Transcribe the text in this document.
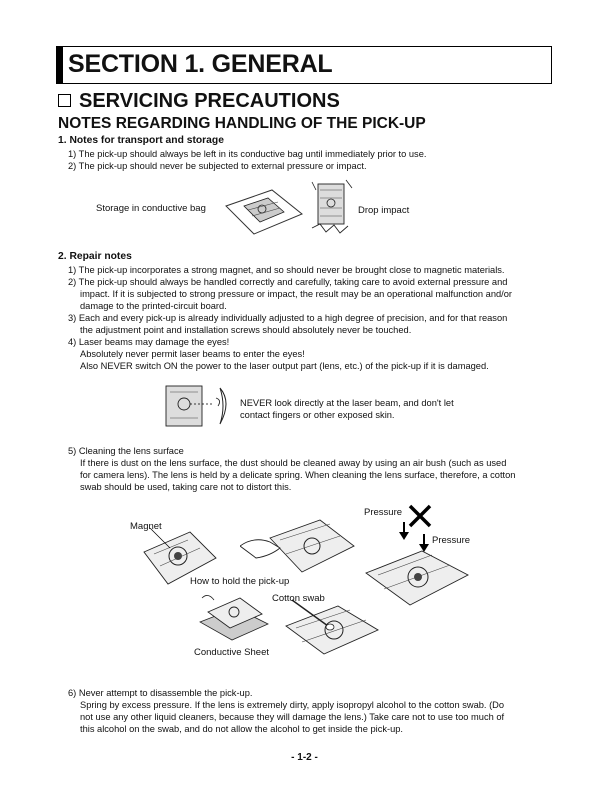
SECTION 1. GENERAL
SERVICING PRECAUTIONS
NOTES REGARDING HANDLING OF THE PICK-UP
1. Notes for transport and storage
1) The pick-up should always be left in its conductive bag until immediately prior to use.
2) The pick-up should never be subjected to external pressure or impact.
Storage in conductive bag	Drop impact
2. Repair notes
1) The pick-up incorporates a strong magnet, and so should never be brought close to magnetic materials.
2) The pick-up should always be handled correctly and carefully, taking care to avoid external pressure and
impact. If it is subjected to strong pressure or impact, the result may be an operational malfunction and/or
damage to the printed-circuit board.
3) Each and every pick-up is already individually adjusted to a high degree of precision, and for that reason
the adjustment point and installation screws should absolutely never be touched.
4) Laser beams may damage the eyes!
Absolutely never permit laser beams to enter the eyes!
Also NEVER switch ON the power to the laser output part (lens, etc.) of the pick-up if it is damaged.
NEVER look directly at the laser beam, and don't let
contact fingers or other exposed skin.
5) Cleaning the lens surface
If there is dust on the lens surface, the dust should be cleaned away by using an air bush (such as used
for camera lens). The lens is held by a delicate spring. When cleaning the lens surface, therefore, a cotton
swab should be used, taking care not to distort this.
Magnet
How to hold the pick-up
Pressure
Pressure
Conductive Sheet
Cotton swab
6) Never attempt to disassemble the pick-up.
Spring by excess pressure. If the lens is extremely dirty, apply isopropyl alcohol to the cotton swab. (Do
not use any other liquid cleaners, because they will damage the lens.) Take care not to use too much of
this alcohol on the swab, and do not allow the alcohol to get inside the pick-up.
- 1-2 -
